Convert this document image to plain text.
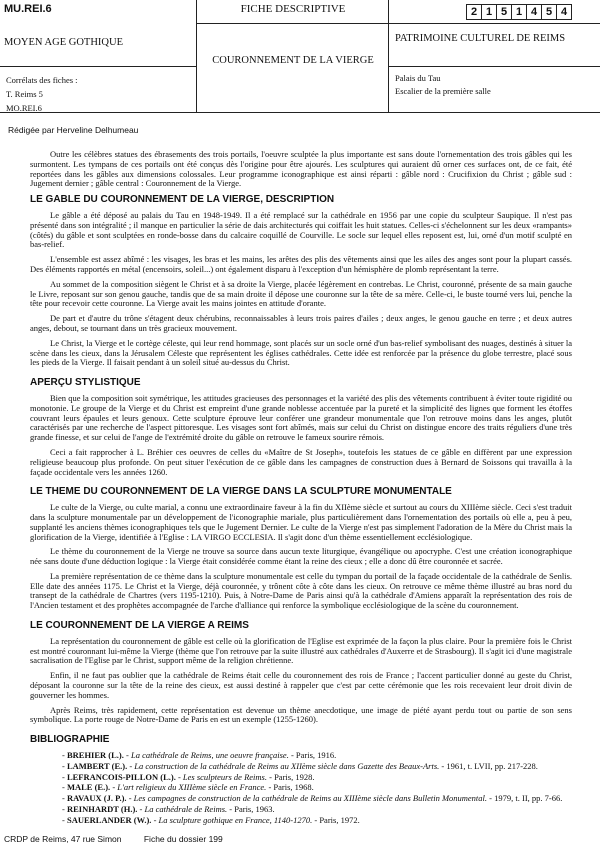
MU.REI.6
MOYEN AGE GOTHIQUE
Corrélats des fiches :
T. Reims 5
MO.REI.6
FICHE DESCRIPTIVE
COURONNEMENT DE LA VIERGE
2 1 5 1 4 5 4
PATRIMOINE CULTUREL DE REIMS
Palais du Tau
Escalier de la première salle
Rédigée par Herveline Delhumeau

Outre les célèbres statues des ébrasements des trois portails, l'oeuvre sculptée la plus importante est sans doute l'ornementation des trois gâbles qui les surmontent. Les tympans de ces portails ont été conçus dès l'origine pour être ajourés. Les sculptures qui auraient dû orner ces surfaces ont, de ce fait, été reportées dans les gâbles aux dimensions colossales. Leur programme iconographique est ainsi réparti : gâble nord : Crucifixion du Christ ; gâble sud : Jugement dernier ; gâble central : Couronnement de la Vierge.

LE GABLE DU COURONNEMENT DE LA VIERGE, DESCRIPTION

Le gâble a été déposé au palais du Tau en 1948-1949. Il a été remplacé sur la cathédrale en 1956 par une copie du sculpteur Saupique. Il n'est pas présenté dans son intégralité ; il manque en particulier la série de dais architecturés qui coiffait les huit statues. Celles-ci s'échelonnent sur les deux «rampants» (côtés) du gâble et sont sculptées en ronde-bosse dans du calcaire coquillé de Courville. Le socle sur lequel elles reposent est, lui, orné d'un motif sculpté en bas-relief.

L'ensemble est assez abîmé : les visages, les bras et les mains, les arêtes des plis des vêtements ainsi que les ailes des anges sont pour la plupart cassés. Des éléments rapportés en métal (encensoirs, soleil...) ont également disparu à l'exception d'un hémisphère de plomb représentant la terre.

Au sommet de la composition siègent le Christ et à sa droite la Vierge, placée légèrement en contrebas. Le Christ, couronné, présente de sa main gauche le Livre, reposant sur son genou gauche, tandis que de sa main droite il dépose une couronne sur la tête de sa mère. Celle-ci, le buste tourné vers lui, penche la tête pour recevoir cette couronne. La Vierge avait les mains jointes en attitude d'orante.

De part et d'autre du trône s'étagent deux chérubins, reconnaissables à leurs trois paires d'ailes ; deux anges, le genou gauche en terre ; et deux autres anges, debout, se tournant dans un très gracieux mouvement.

Le Christ, la Vierge et le cortège céleste, qui leur rend hommage, sont placés sur un socle orné d'un bas-relief symbolisant des nuages, destinés à situer la scène dans les cieux, dans la Jérusalem Céleste que représentent les églises cathédrales. Cette idée est renforcée par la présence du globe terrestre, placé sous les pieds de la Vierge. Il faisait pendant à un soleil situé au-dessus du Christ.

APERÇU STYLISTIQUE

Bien que la composition soit symétrique, les attitudes gracieuses des personnages et la variété des plis des vêtements contribuent à éviter toute rigidité ou monotonie. Le groupe de la Vierge et du Christ est empreint d'une grande noblesse accentuée par la pureté et la simplicité des lignes que forment les étoffes couvrant leurs épaules et leurs genoux. Cette sculpture éprouve leur conférer une grandeur monumentale que l'on retrouve moins dans les anges, plutôt caractérisés par une recherche de l'aspect pittoresque. Les visages sont fort abîmés, mais sur celui du Christ on distingue encore des traits réguliers d'une très grande finesse, et sur celui de l'ange de l'extrémité droite du gâble on retrouve le fameux sourire rémois.

Ceci a fait rapprocher à L. Bréhier ces oeuvres de celles du «Maître de St Joseph», toutefois les statues de ce gâble en diffèrent par une expression religieuse beaucoup plus profonde. On peut situer l'exécution de ce gâble dans les campagnes de construction dues à Bernard de Soissons qui travailla à la façade occidentale vers les années 1260.

LE THEME DU COURONNEMENT DE LA VIERGE DANS LA SCULPTURE MONUMENTALE

Le culte de la Vierge, ou culte marial, a connu une extraordinaire faveur à la fin du XIIème siècle et surtout au cours du XIIIème siècle. Ceci s'est traduit dans la sculpture monumentale par un développement de l'iconographie mariale, plus particulièrement dans l'ornementation des portails où elle a, peu à peu, supplanté les anciens thèmes iconographiques tels que le Jugement Dernier. Le culte de la Vierge n'est pas simplement l'adoration de la Mère du Christ mais la glorification de la Vierge, identifiée à l'Eglise : LA VIRGO ECCLESIA. Il s'agit donc d'un thème essentiellement ecclésiologique.

Le thème du couronnement de la Vierge ne trouve sa source dans aucun texte liturgique, évangélique ou apocryphe. C'est une création iconographique née sans doute d'une déduction logique : la Vierge était considérée comme étant la reine des cieux ; elle a donc dû être couronnée et sacrée.

La première représentation de ce thème dans la sculpture monumentale est celle du tympan du portail de la façade occidentale de la cathédrale de Senlis. Elle date des années 1175. Le Christ et la Vierge, déjà couronnée, y trônent côte à côte dans les cieux. On retrouve ce même thème illustré au bras nord du transept de la cathédrale de Chartres (vers 1195-1210). Puis, à Notre-Dame de Paris ainsi qu'à la cathédrale d'Amiens apparaît la représentation des rois de l'Ancien testament et des prophètes accompagnée de l'arche d'alliance qui renforce la symbolique ecclésiologique de la scène du couronnement.

LE COURONNEMENT DE LA VIERGE A REIMS

La représentation du couronnement de gâble est celle où la glorification de l'Eglise est exprimée de la façon la plus claire. Pour la première fois le Christ est montré couronnant lui-même la Vierge (thème que l'on retrouve par la suite illustré aux cathédrales d'Auxerre et de Strasbourg). Il s'agit ici d'une magistrale sacralisation de l'Eglise par le Christ, support même de la religion chrétienne.

Enfin, il ne faut pas oublier que la cathédrale de Reims était celle du couronnement des rois de France ; l'accent particulier donné au geste du Christ, déposant la couronne sur la tête de la reine des cieux, est aussi destiné à rappeler que c'est par cette cérémonie que les rois recevaient leur droit divin de gouverner les hommes.

Après Reims, très rapidement, cette représentation est devenue un thème anecdotique, une image de piété ayant perdu tout ou partie de son sens symbolique. La porte rouge de Notre-Dame de Paris en est un exemple (1255-1260).

BIBLIOGRAPHIE
- BREHIER (L.). - La cathédrale de Reims, une oeuvre française. - Paris, 1916.
- LAMBERT (E.). - La construction de la cathédrale de Reims au XIIème siècle dans Gazette des Beaux-Arts. - 1961, t. LVII, pp. 217-228.
- LEFRANCOIS-PILLON (L.). - Les sculpteurs de Reims. - Paris, 1928.
- MALE (E.). - L'art religieux du XIIIème siècle en France. - Paris, 1968.
- RAVAUX (J. P.). - Les campagnes de construction de la cathédrale de Reims au XIIIème siècle dans Bulletin Monumental. - 1979, t. II, pp. 7-66.
- REINHARDT (H.). - La cathédrale de Reims. - Paris, 1963.
- SAUERLANDER (W.). - La sculpture gothique en France, 1140-1270. - Paris, 1972.
CRDP de Reims, 47 rue Simon	Fiche du dossier 199
